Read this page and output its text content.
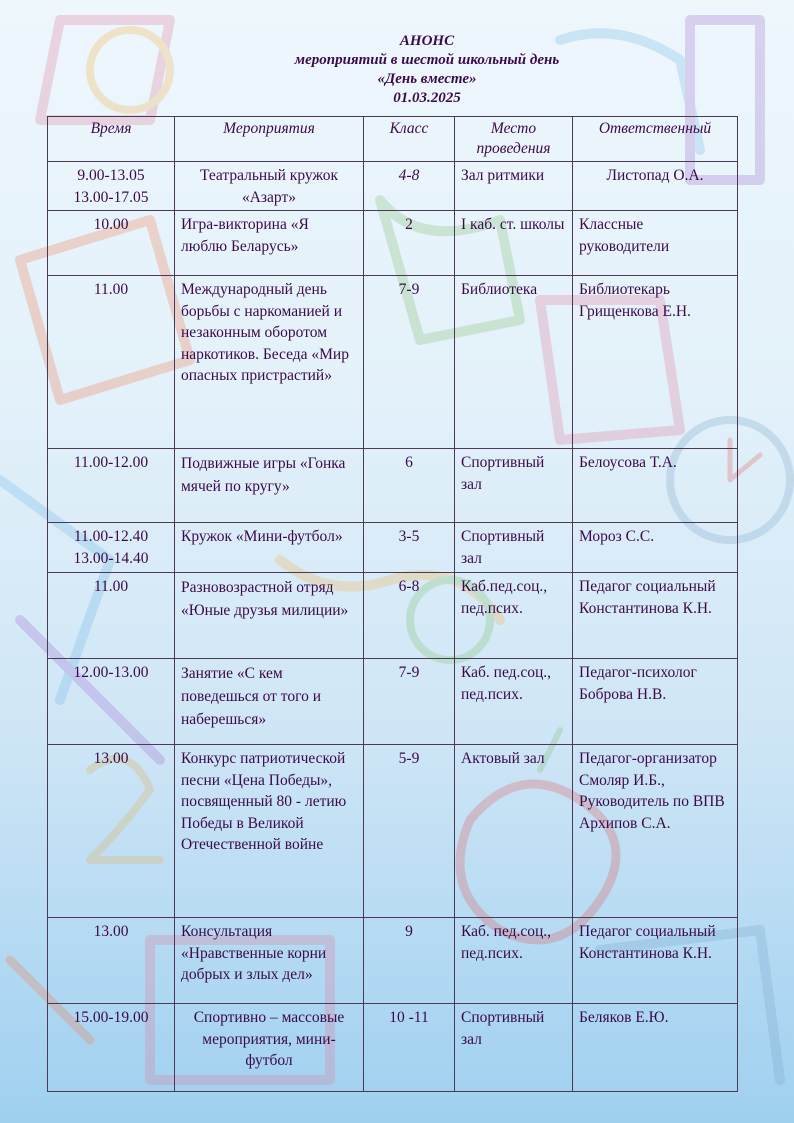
АНОНС
мероприятий в шестой школьный день
«День вместе»
01.03.2025
Время	Мероприятия	Класс	Место проведения	Ответственный

9.00-13.05
13.00-17.05	Театральный кружок «Азарт»	4-8	Зал ритмики	Листопад О.А.

10.00	Игра-викторина «Я люблю Беларусь»	2	I каб. ст. школы	Классные руководители

11.00	Международный день борьбы с наркоманией и незаконным оборотом наркотиков. Беседа «Мир опасных пристрастий»	7-9	Библиотека	Библиотекарь Грищенкова Е.Н.

11.00-12.00	Подвижные игры «Гонка мячей по кругу»	6	Спортивный зал	Белоусова Т.А.

11.00-12.40
13.00-14.40	Кружок «Мини-футбол»	3-5	Спортивный зал	Мороз С.С.

11.00	Разновозрастной отряд «Юные друзья милиции»	6-8	Каб.пед.соц., пед.псих.	Педагог социальный Константинова К.Н.

12.00-13.00	Занятие «С кем поведешься от того и наберешься»	7-9	Каб. пед.соц., пед.псих.	Педагог-психолог Боброва Н.В.

13.00	Конкурс патриотической песни «Цена Победы», посвященный 80 - летию Победы в Великой Отечественной войне	5-9	Актовый зал	Педагог-организатор Смоляр И.Б., Руководитель по ВПВ Архипов С.А.

13.00	Консультация «Нравственные корни добрых и злых дел»	9	Каб. пед.соц., пед.псих.	Педагог социальный Константинова К.Н.

15.00-19.00	Спортивно – массовые мероприятия, мини-футбол	10 -11	Спортивный зал	Беляков Е.Ю.
